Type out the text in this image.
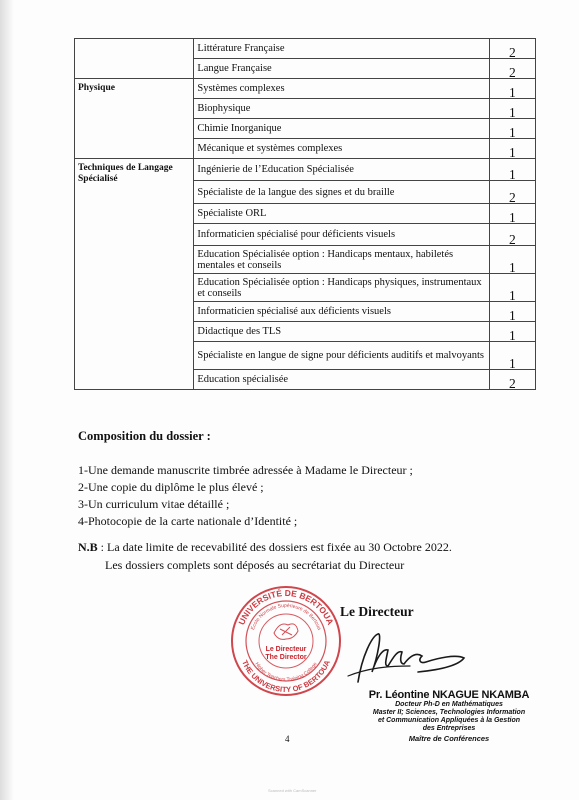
	Littérature Française	2
	Langue Française	2
Physique	Systèmes complexes	1
	Biophysique	1
	Chimie Inorganique	1
	Mécanique et systèmes complexes	1
Techniques de Langage Spécialisé	Ingénierie de l’Education Spécialisée	1
	Spécialiste de la langue des signes et du braille	2
	Spécialiste ORL	1
	Informaticien spécialisé pour déficients visuels	2
	Education Spécialisée option : Handicaps mentaux, habiletés mentales et conseils	1
	Education Spécialisée option : Handicaps physiques, instrumentaux et conseils	1
	Informaticien spécialisé aux déficients visuels	1
	Didactique des TLS	1
	Spécialiste en langue de signe pour déficients auditifs et malvoyants	1
	Education spécialisée	2
Composition du dossier :
1-Une demande manuscrite timbrée adressée à Madame le Directeur ;
2-Une copie du diplôme le plus élevé ;
3-Un curriculum vitae détaillé ;
4-Photocopie de la carte nationale d’Identité ;
N.B : La date limite de recevabilité des dossiers est fixée au 30 Octobre 2022.
Les dossiers complets sont déposés au secrétariat du Directeur
UNIVERSITÉ DE BERTOUA
THE UNIVERSITY OF BERTOUA
Ecole Normale Supérieure de Bertoua
Higher Teachers Training College
Le Directeur
The Director
Le Directeur
Pr. Léontine NKAGUE NKAMBA
Docteur Ph-D en Mathématiques
Master II; Sciences, Technologies Information
et Communication Appliquées à la Gestion
des Entreprises
Maître de Conférences
4
Scanned with CamScanner
